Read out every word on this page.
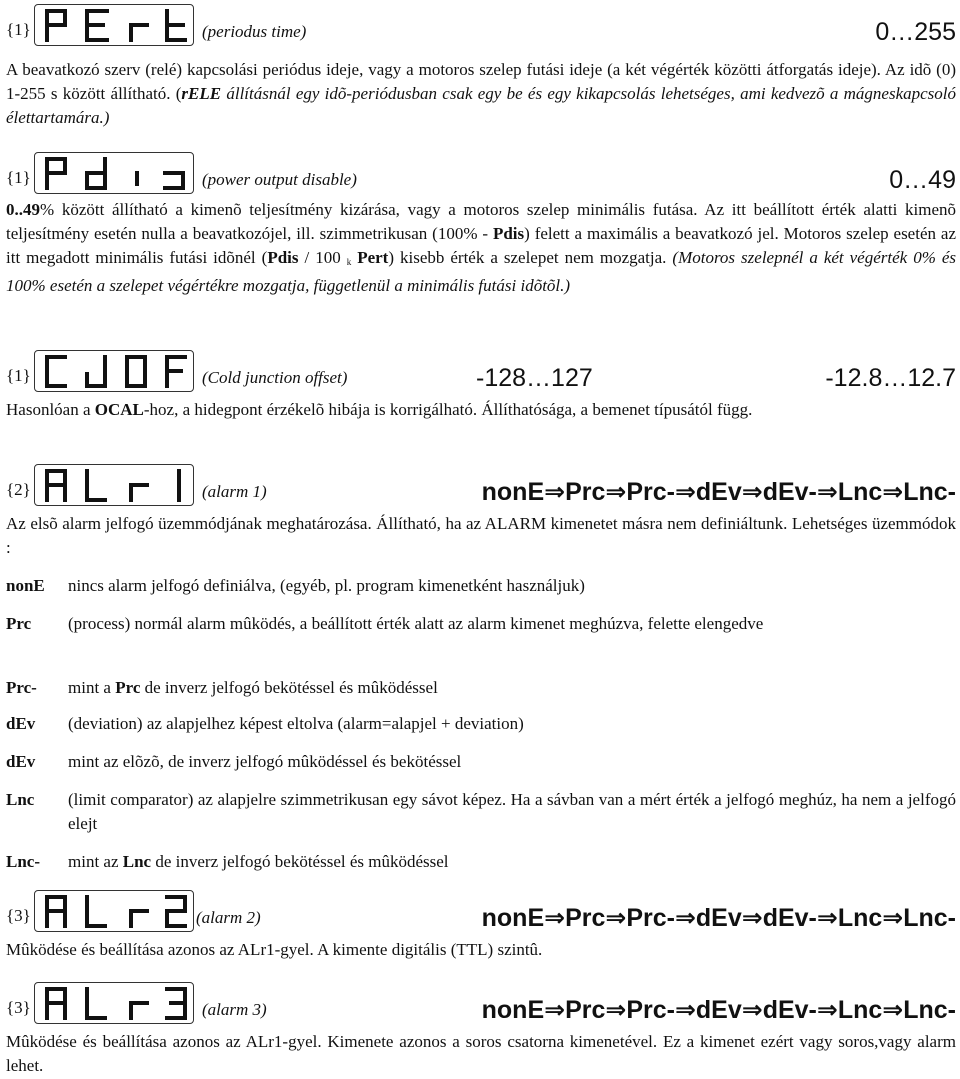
{1}	(periodus time)	0…255

A beavatkozó szerv (relé) kapcsolási periódus ideje, vagy a motoros szelep futási ideje (a két végérték közötti átforgatás ideje). Az idõ (0) 1-255 s között állítható. (rELE állításnál egy idõ-periódusban csak egy be és egy kikapcsolás lehetséges, ami kedvezõ a mágneskapcsoló élettartamára.)

{1}	(power output disable)	0…49

0..49% között állítható a kimenõ teljesítmény kizárása, vagy a motoros szelep minimális futása. Az itt beállított érték alatti kimenõ teljesítmény esetén nulla a beavatkozójel, ill. szimmetrikusan (100% - Pdis) felett a maximális a beavatkozó jel. Motoros szelep esetén az itt megadott minimális futási idõnél (Pdis / 100 $_k$ Pert) kisebb érték a szelepet nem mozgatja. (Motoros szelepnél a két végérték 0% és 100% esetén a szelepet végértékre mozgatja, függetlenül a minimális futási idõtõl.)

{1}	(Cold junction offset)	-128…127	-12.8…12.7

Hasonlóan a OCAL-hoz, a hidegpont érzékelõ hibája is korrigálható. Állíthatósága, a bemenet típusától függ.

{2}	(alarm 1)	nonE⇒Prc⇒Prc-⇒dEv⇒dEv-⇒Lnc⇒Lnc-

Az elsõ alarm jelfogó üzemmódjának meghatározása. Állítható, ha az ALARM kimenetet másra nem definiáltunk. Lehetséges üzemmódok :

nonE	nincs alarm jelfogó definiálva, (egyéb, pl. program kimenetként használjuk)
Prc	(process) normál alarm mûködés, a beállított érték alatt az alarm kimenet meghúzva, felette elengedve
Prc-	mint a Prc de inverz jelfogó bekötéssel és mûködéssel
dEv	(deviation) az alapjelhez képest eltolva (alarm=alapjel + deviation)
dEv	mint az elõzõ, de inverz jelfogó mûködéssel és bekötéssel
Lnc	(limit comparator) az alapjelre szimmetrikusan egy sávot képez. Ha a sávban van a mért érték a jelfogó meghúz, ha nem a jelfogó elejt
Lnc-	mint az Lnc de inverz jelfogó bekötéssel és mûködéssel
{3}	(alarm 2)	nonE⇒Prc⇒Prc-⇒dEv⇒dEv-⇒Lnc⇒Lnc-

Mûködése és beállítása azonos az ALr1-gyel. A kimente digitális (TTL) szintû.

{3}	(alarm 3)	nonE⇒Prc⇒Prc-⇒dEv⇒dEv-⇒Lnc⇒Lnc-

Mûködése és beállítása azonos az ALr1-gyel. Kimenete azonos a soros csatorna kimenetével. Ez a kimenet ezért vagy soros,vagy alarm lehet.
